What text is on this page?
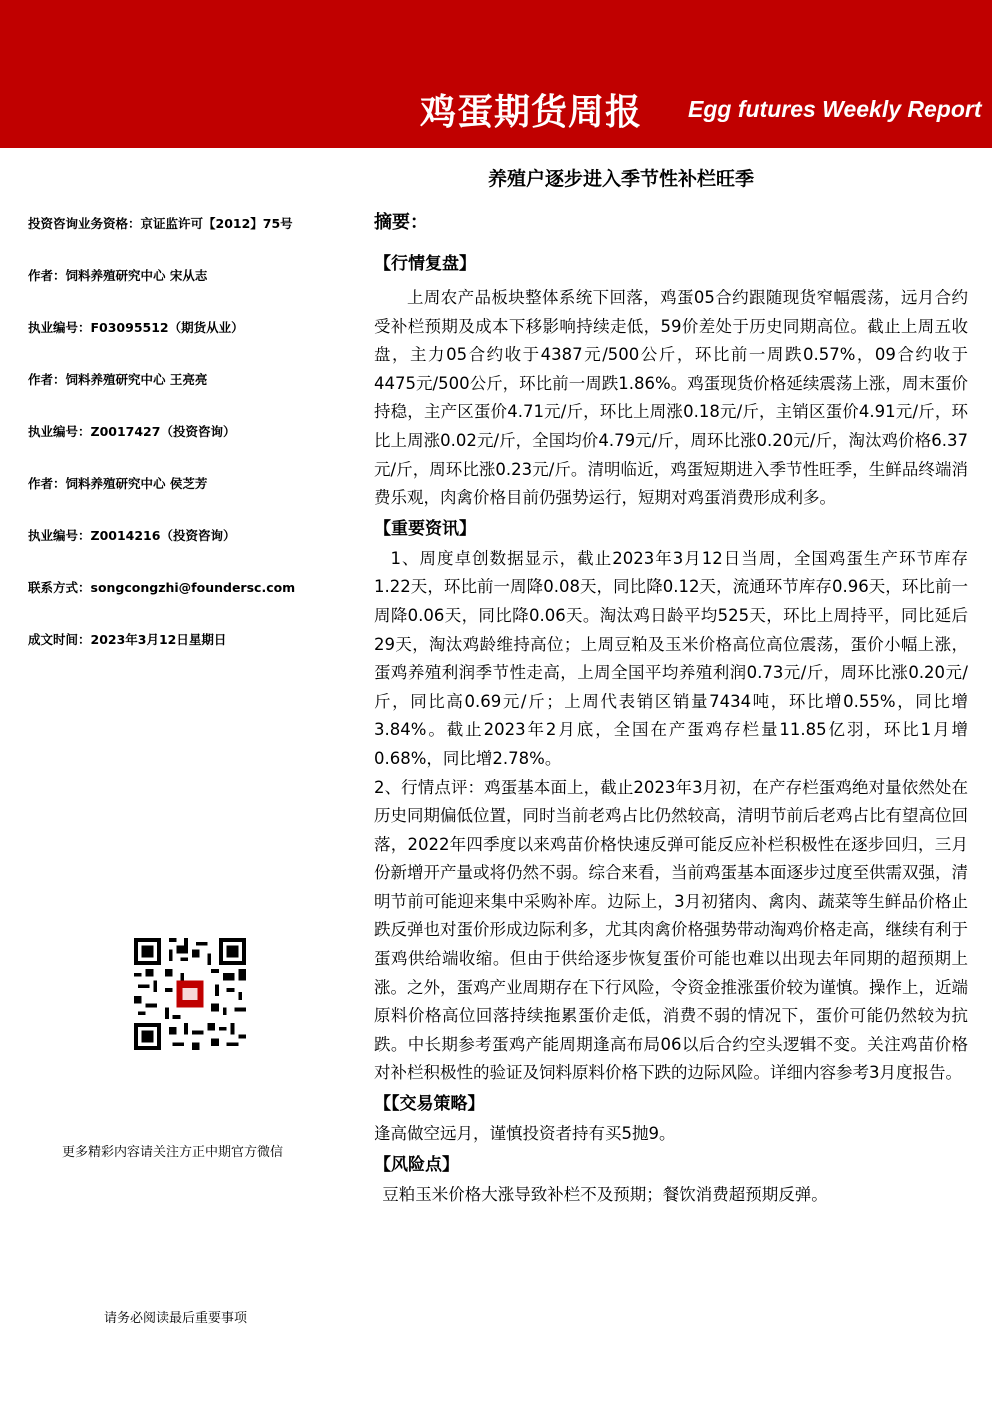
鸡蛋期货周报 Egg futures Weekly Report
养殖户逐步进入季节性补栏旺季
投资咨询业务资格：京证监许可【2012】75号
作者：饲料养殖研究中心 宋从志
执业编号：F03095512（期货从业）
作者：饲料养殖研究中心 王亮亮
执业编号：Z0017427（投资咨询）
作者：饲料养殖研究中心 侯芝芳
执业编号：Z0014216（投资咨询）
联系方式：songcongzhi@foundersc.com
成文时间：2023年3月12日星期日
更多精彩内容请关注方正中期官方微信
请务必阅读最后重要事项

摘要：

【行情复盘】

上周农产品板块整体系统下回落，鸡蛋05合约跟随现货窄幅震荡，远月合约受补栏预期及成本下移影响持续走低，59价差处于历史同期高位。截止上周五收盘，主力05合约收于4387元/500公斤，环比前一周跌0.57%，09合约收于4475元/500公斤，环比前一周跌1.86%。鸡蛋现货价格延续震荡上涨，周末蛋价持稳，主产区蛋价4.71元/斤，环比上周涨0.18元/斤，主销区蛋价4.91元/斤，环比上周涨0.02元/斤，全国均价4.79元/斤，周环比涨0.20元/斤，淘汰鸡价格6.37元/斤，周环比涨0.23元/斤。清明临近，鸡蛋短期进入季节性旺季，生鲜品终端消费乐观，肉禽价格目前仍强势运行，短期对鸡蛋消费形成利多。

【重要资讯】

1、周度卓创数据显示，截止2023年3月12日当周，全国鸡蛋生产环节库存1.22天，环比前一周降0.08天，同比降0.12天，流通环节库存0.96天，环比前一周降0.06天，同比降0.06天。淘汰鸡日龄平均525天，环比上周持平，同比延后29天，淘汰鸡龄维持高位；上周豆粕及玉米价格高位高位震荡，蛋价小幅上涨，蛋鸡养殖利润季节性走高，上周全国平均养殖利润0.73元/斤，周环比涨0.20元/斤，同比高0.69元/斤；上周代表销区销量7434吨，环比增0.55%，同比增3.84%。截止2023年2月底，全国在产蛋鸡存栏量11.85亿羽，环比1月增0.68%，同比增2.78%。

2、行情点评：鸡蛋基本面上，截止2023年3月初，在产存栏蛋鸡绝对量依然处在历史同期偏低位置，同时当前老鸡占比仍然较高，清明节前后老鸡占比有望高位回落，2022年四季度以来鸡苗价格快速反弹可能反应补栏积极性在逐步回归，三月份新增开产量或将仍然不弱。综合来看，当前鸡蛋基本面逐步过度至供需双强，清明节前可能迎来集中采购补库。边际上，3月初猪肉、禽肉、蔬菜等生鲜品价格止跌反弹也对蛋价形成边际利多，尤其肉禽价格强势带动淘鸡价格走高，继续有利于蛋鸡供给端收缩。但由于供给逐步恢复蛋价可能也难以出现去年同期的超预期上涨。之外，蛋鸡产业周期存在下行风险，令资金推涨蛋价较为谨慎。操作上，近端原料价格高位回落持续拖累蛋价走低，消费不弱的情况下，蛋价可能仍然较为抗跌。中长期参考蛋鸡产能周期逢高布局06以后合约空头逻辑不变。关注鸡苗价格对补栏积极性的验证及饲料原料价格下跌的边际风险。详细内容参考3月度报告。

【【交易策略】

逢高做空远月，谨慎投资者持有买5抛9。

【风险点】

豆粕玉米价格大涨导致补栏不及预期；餐饮消费超预期反弹。
